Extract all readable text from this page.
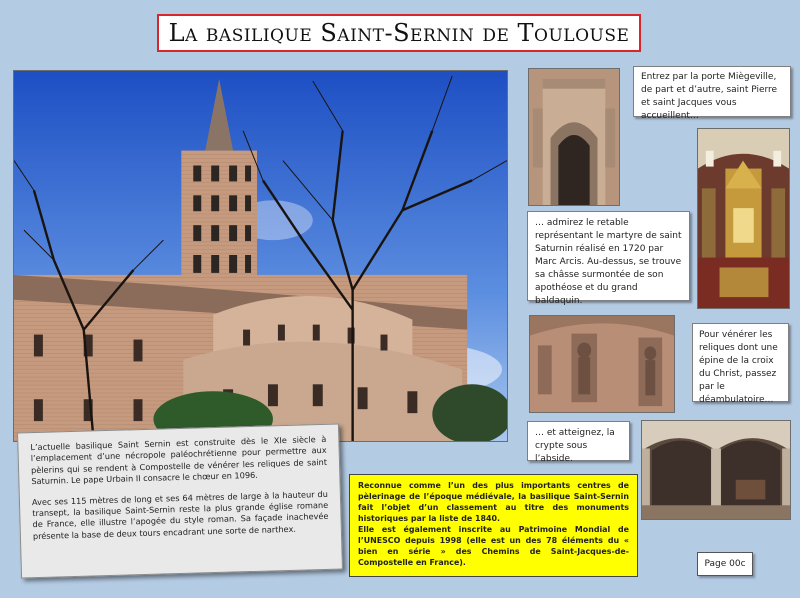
La basilique Saint-Sernin de Toulouse
Entrez par la porte Miègeville, de part et d’autre, saint Pierre et saint Jacques vous accueillent…
… admirez le retable représentant le martyre de saint Saturnin réalisé en 1720 par Marc Arcis. Au-dessus, se trouve sa châsse surmontée de son apothéose et du grand baldaquin.
Pour vénérer les reliques dont une épine de la croix du Christ, passez par le déambulatoire…
… et atteignez, la crypte sous l’abside.

L’actuelle basilique Saint Sernin est construite dès le XIe siècle à l’emplacement d’une nécropole paléochrétienne pour permettre aux pèlerins qui se rendent à Compostelle de vénérer les reliques de saint Saturnin. Le pape Urbain II consacre le chœur en 1096.

Avec ses 115 mètres de long et ses 64 mètres de large à la hauteur du transept, la basilique Saint-Sernin reste la plus grande église romane de France, elle illustre l’apogée du style roman. Sa façade inachevée présente la base de deux tours encadrant une sorte de narthex.

Reconnue comme l’un des plus importants centres de pèlerinage de l’époque médiévale, la basilique Saint-Sernin fait l’objet d’un classement au titre des monuments historiques par la liste de 1840.

Elle est également inscrite au Patrimoine Mondial de l’UNESCO depuis 1998 (elle est un des 78 éléments du « bien en série » des Chemins de Saint-Jacques-de-Compostelle en France).	Page 00c
